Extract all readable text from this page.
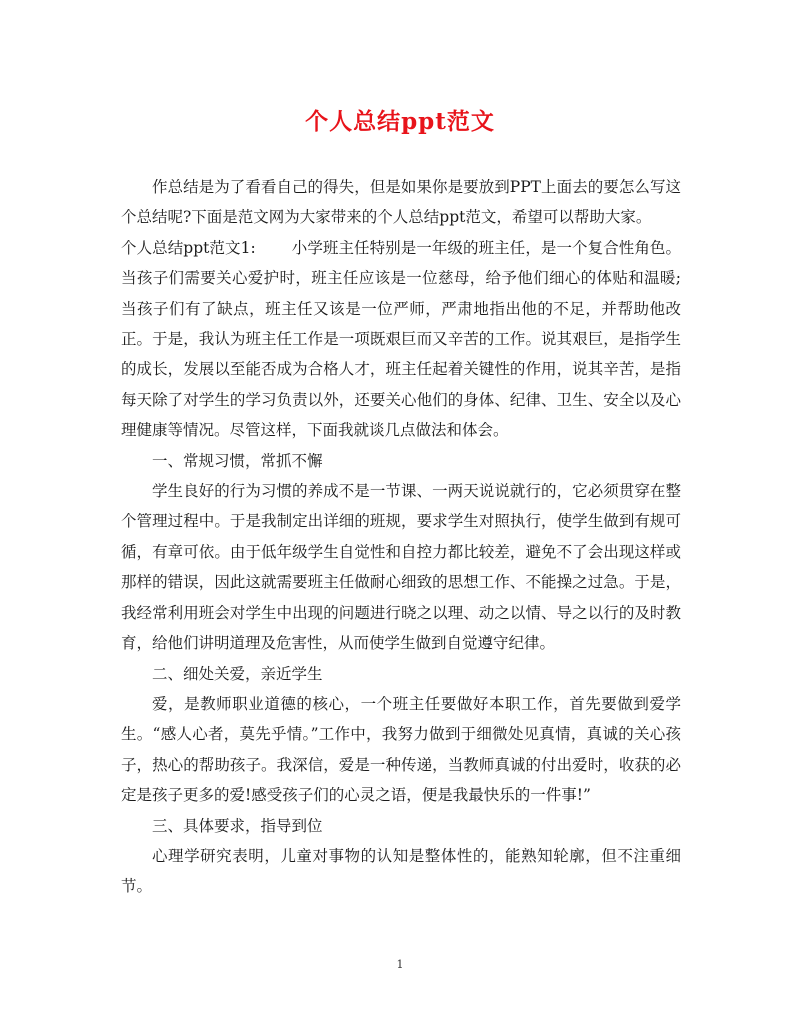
个人总结ppt范文

作总结是为了看看自己的得失，但是如果你是要放到PPT上面去的要怎么写这个总结呢?下面是范文网为大家带来的个人总结ppt范文，希望可以帮助大家。

个人总结ppt范文1: 小学班主任特别是一年级的班主任，是一个复合性角色。当孩子们需要关心爱护时，班主任应该是一位慈母，给予他们细心的体贴和温暖;当孩子们有了缺点，班主任又该是一位严师，严肃地指出他的不足，并帮助他改正。于是，我认为班主任工作是一项既艰巨而又辛苦的工作。说其艰巨，是指学生的成长，发展以至能否成为合格人才，班主任起着关键性的作用，说其辛苦，是指每天除了对学生的学习负责以外，还要关心他们的身体、纪律、卫生、安全以及心理健康等情况。尽管这样，下面我就谈几点做法和体会。

一、常规习惯，常抓不懈

学生良好的行为习惯的养成不是一节课、一两天说说就行的，它必须贯穿在整个管理过程中。于是我制定出详细的班规，要求学生对照执行，使学生做到有规可循，有章可依。由于低年级学生自觉性和自控力都比较差，避免不了会出现这样或那样的错误，因此这就需要班主任做耐心细致的思想工作、不能操之过急。于是，我经常利用班会对学生中出现的问题进行晓之以理、动之以情、导之以行的及时教育，给他们讲明道理及危害性，从而使学生做到自觉遵守纪律。

二、细处关爱，亲近学生

爱，是教师职业道德的核心，一个班主任要做好本职工作，首先要做到爱学生。“感人心者，莫先乎情。”工作中，我努力做到于细微处见真情，真诚的关心孩子，热心的帮助孩子。我深信，爱是一种传递，当教师真诚的付出爱时，收获的必定是孩子更多的爱!感受孩子们的心灵之语，便是我最快乐的一件事!”

三、具体要求，指导到位

心理学研究表明，儿童对事物的认知是整体性的，能熟知轮廓，但不注重细节。

1
